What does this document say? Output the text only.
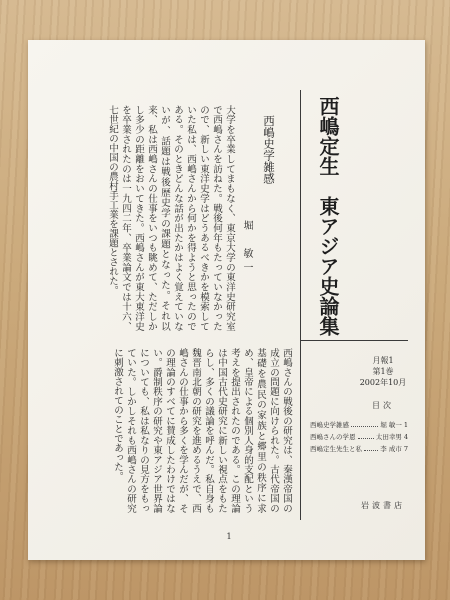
西嶋定生　東アジア史論集
月報1
第1巻
2002年10月
目次
西嶋史学雑感	堀 敏一 1
西嶋さんの学恩	太田幸男 4
西嶋定生先生と私	李 成市 7
岩波書店
西嶋史学雑感
堀　敏一
大学を卒業してまもなく、東京大学の東洋史研究室で西嶋さんを訪ねた。戦後何年もたっていなかったので、新しい東洋史学はどうあるべきかを模索していた私は、西嶋さんから何かを得ようと思ったのである。そのときどんな話が出たかはよく覚えていないが、話題は戦後歴史学の課題となった。それ以来、私は西嶋さんの仕事をいつも眺めて、ただしかし多少の距離をおいてきた。西嶋さんが東大東洋史を卒業されたのは一九四二年、卒業論文では十六、七世紀の中国の農村手工業を課題とされた。
西嶋さんの戦後の研究は、秦漢帝国の成立の問題に向けられた。古代帝国の基礎を農民の家族と郷里の秩序に求め、皇帝による個別人身的支配という考えを提出されたのである。この理論は中国古代史研究に新しい視点をもたらし、多くの議論を呼んだ。私自身も魏晋南北朝の研究を進めるうえで、西嶋さんの仕事から多くを学んだが、その理論のすべてに賛成したわけではない。爵制秩序の研究や東アジア世界論についても、私は私なりの見方をもっていた。しかしそれも西嶋さんの研究に刺激されてのことであった。
1
